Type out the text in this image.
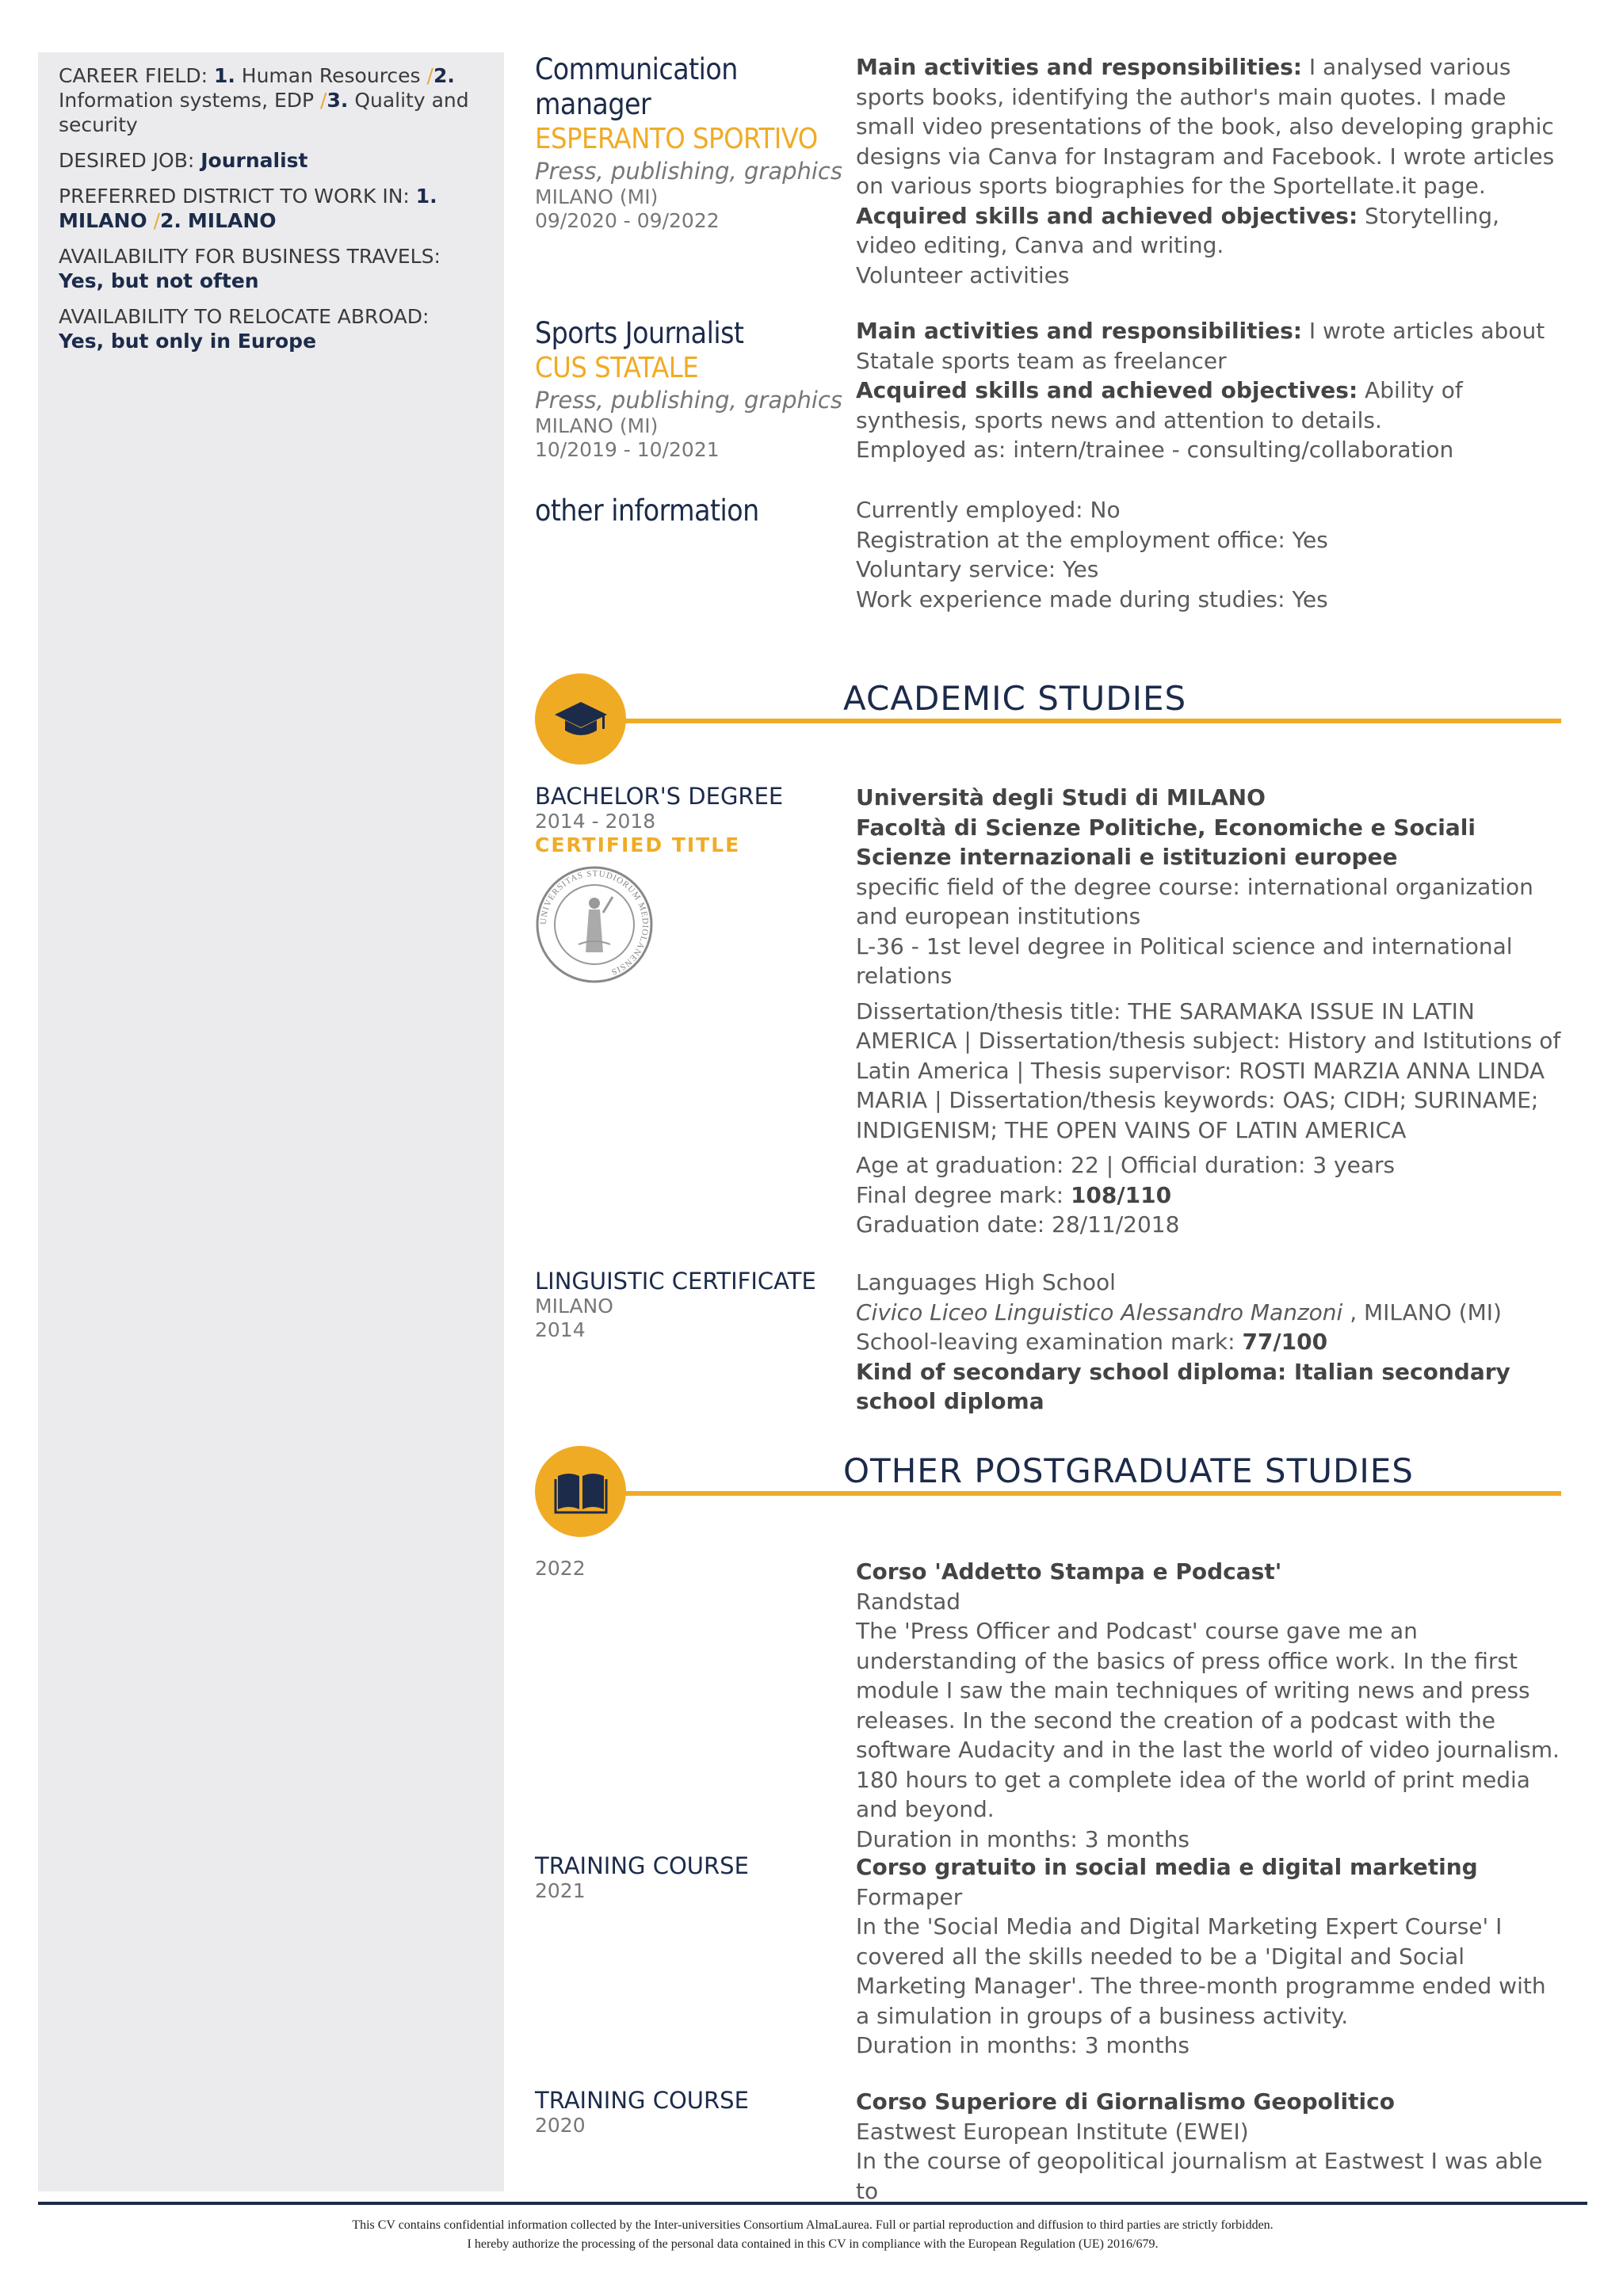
CAREER FIELD: 1. Human Resources /2. Information systems, EDP /3. Quality and security
DESIRED JOB: Journalist
PREFERRED DISTRICT TO WORK IN: 1.
MILANO /2. MILANO
AVAILABILITY FOR BUSINESS TRAVELS:
Yes, but not often
AVAILABILITY TO RELOCATE ABROAD:
Yes, but only in Europe
Communication manager
ESPERANTO SPORTIVO
Press, publishing, graphics
MILANO (MI)
09/2020 - 09/2022
Main activities and responsibilities: I analysed various sports books, identifying the author's main quotes. I made small video presentations of the book, also developing graphic designs via Canva for Instagram and Facebook. I wrote articles on various sports biographies for the Sportellate.it page.
Acquired skills and achieved objectives: Storytelling, video editing, Canva and writing.
Volunteer activities
Sports Journalist
CUS STATALE
Press, publishing, graphics
MILANO (MI)
10/2019 - 10/2021
Main activities and responsibilities: I wrote articles about Statale sports team as freelancer
Acquired skills and achieved objectives: Ability of synthesis, sports news and attention to details.
Employed as: intern/trainee - consulting/collaboration
other information	Currently employed: No
Registration at the employment office: Yes
Voluntary service: Yes
Work experience made during studies: Yes
ACADEMIC STUDIES
BACHELOR'S DEGREE
2014 - 2018
CERTIFIED TITLE
UNIVERSITAS STUDIORUM MEDIOLANENSIS
Università degli Studi di MILANO
Facoltà di Scienze Politiche, Economiche e Sociali
Scienze internazionali e istituzioni europee
specific field of the degree course: international organization and european institutions
L-36 - 1st level degree in Political science and international relations
Dissertation/thesis title: THE SARAMAKA ISSUE IN LATIN AMERICA | Dissertation/thesis subject: History and Istitutions of Latin America | Thesis supervisor: ROSTI MARZIA ANNA LINDA MARIA | Dissertation/thesis keywords: OAS; CIDH; SURINAME; INDIGENISM; THE OPEN VAINS OF LATIN AMERICA
Age at graduation: 22 | Official duration: 3 years
Final degree mark: 108/110
Graduation date: 28/11/2018
LINGUISTIC CERTIFICATE
MILANO
2014
Languages High School
Civico Liceo Linguistico Alessandro Manzoni , MILANO (MI)
School-leaving examination mark: 77/100
Kind of secondary school diploma: Italian secondary school diploma
OTHER POSTGRADUATE STUDIES
2022	Corso 'Addetto Stampa e Podcast'
Randstad
The 'Press Officer and Podcast' course gave me an understanding of the basics of press office work. In the first module I saw the main techniques of writing news and press releases. In the second the creation of a podcast with the software Audacity and in the last the world of video journalism. 180 hours to get a complete idea of the world of print media and beyond.
Duration in months: 3 months
TRAINING COURSE
2021
Corso gratuito in social media e digital marketing
Formaper
In the 'Social Media and Digital Marketing Expert Course' I covered all the skills needed to be a 'Digital and Social Marketing Manager'. The three-month programme ended with a simulation in groups of a business activity.
Duration in months: 3 months
TRAINING COURSE
2020
Corso Superiore di Giornalismo Geopolitico
Eastwest European Institute (EWEI)
In the course of geopolitical journalism at Eastwest I was able to
This CV contains confidential information collected by the Inter-universities Consortium AlmaLaurea. Full or partial reproduction and diffusion to third parties are strictly forbidden.
I hereby authorize the processing of the personal data contained in this CV in compliance with the European Regulation (UE) 2016/679.
